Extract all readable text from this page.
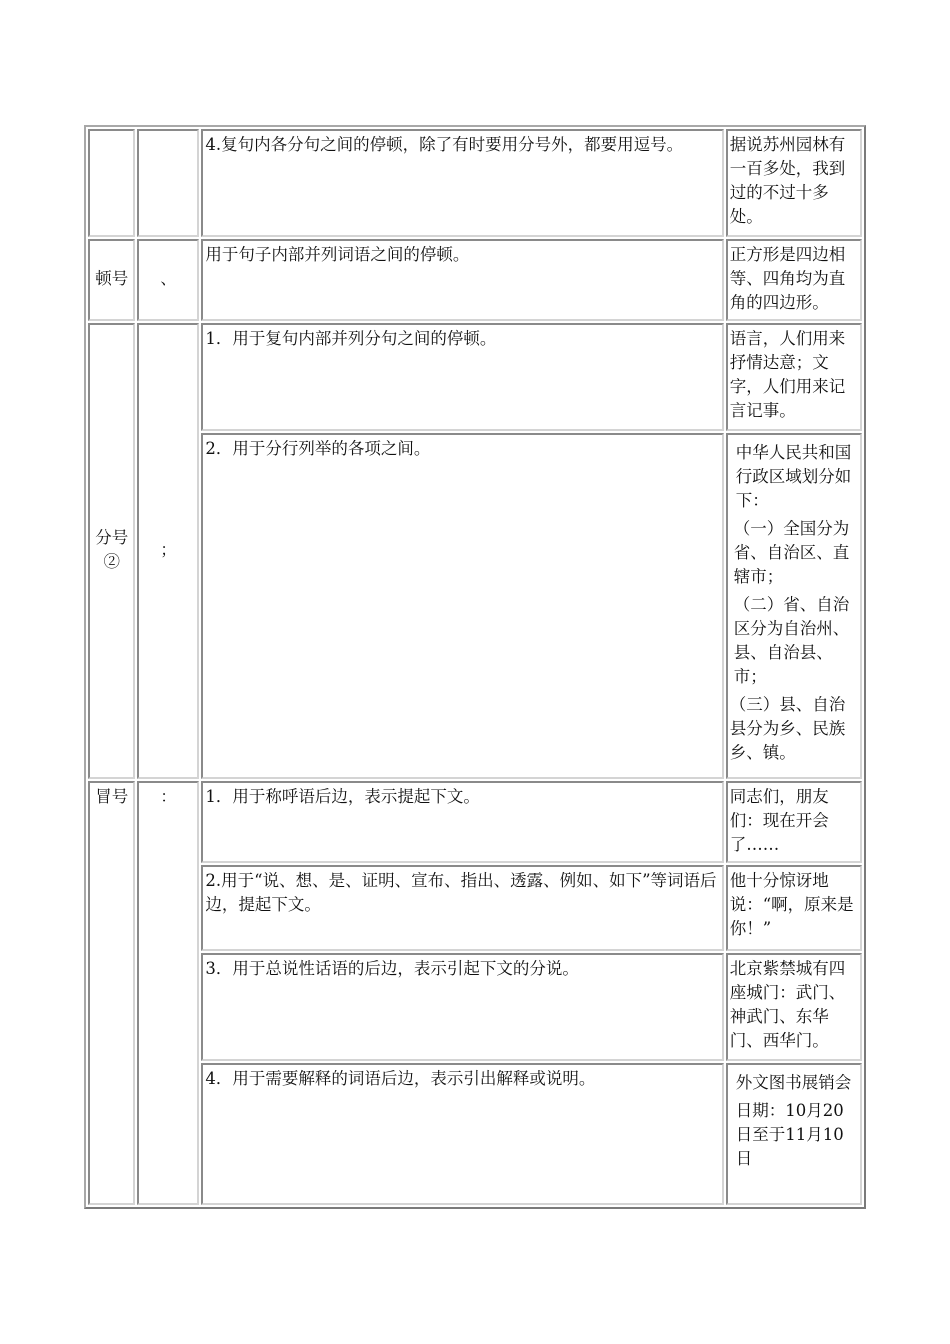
		4.复句内各分句之间的停顿，除了有时要用分号外，都要用逗号。	据说苏州园林有一百多处，我到过的不过十多处。
顿号	、	用于句子内部并列词语之间的停顿。	正方形是四边相等、四角均为直角的四边形。
分号②	；	1．用于复句内部并列分句之间的停顿。	语言，人们用来抒情达意；文字，人们用来记言记事。
		2．用于分行列举的各项之间。	中华人民共和国行政区域划分如下：

（一）全国分为省、自治区、直辖市；

（二）省、自治区分为自治州、县、自治县、市；

（三）县、自治县分为乡、民族乡、镇。

冒号	：	1．用于称呼语后边，表示提起下文。	同志们，朋友们：现在开会了……
		2.用于“说、想、是、证明、宣布、指出、透露、例如、如下”等词语后边，提起下文。	他十分惊讶地说：“啊，原来是你！”
		3．用于总说性话语的后边，表示引起下文的分说。	北京紫禁城有四座城门：武门、神武门、东华门、西华门。
		4．用于需要解释的词语后边，表示引出解释或说明。	外文图书展销会

日期：10月20日至于11月10日
